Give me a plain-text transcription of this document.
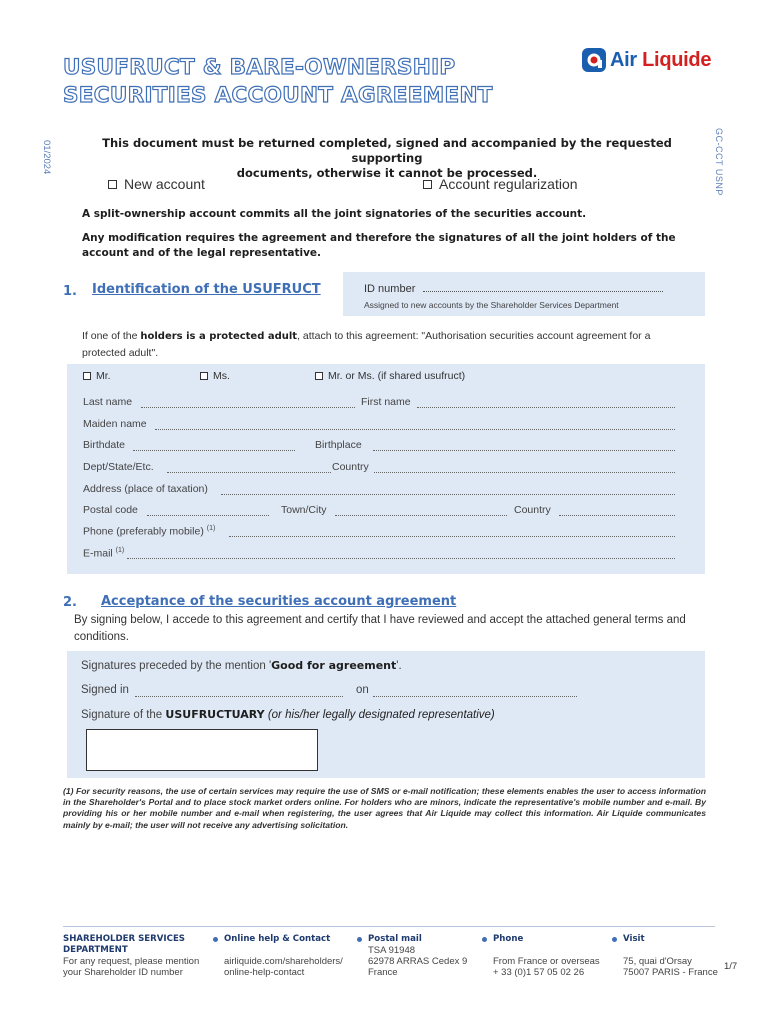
USUFRUCT & BARE-OWNERSHIP
SECURITIES ACCOUNT AGREEMENT
Air Liquide
01/2024	GC-CCT USNP
This document must be returned completed, signed and accompanied by the requested supporting
documents, otherwise it cannot be processed.
New account	Account regularization
A split-ownership account commits all the joint signatories of the securities account.
Any modification requires the agreement and therefore the signatures of all the joint holders of the account and of the legal representative.
1. Identification of the USUFRUCT	ID number
Assigned to new accounts by the Shareholder Services Department
If one of the holders is a protected adult, attach to this agreement: "Authorisation securities account agreement for a protected adult".
Mr.	Ms.	Mr. or Ms. (if shared usufruct)
Last name	First name
Maiden name
Birthdate	Birthplace
Dept/State/Etc.	Country
Address (place of taxation)
Postal code	Town/City	Country
Phone (preferably mobile) $^{(1)}$
E-mail $^{(1)}$
2. Acceptance of the securities account agreement
By signing below, I accede to this agreement and certify that I have reviewed and accept the attached general terms and conditions.
Signatures preceded by the mention 'Good for agreement'.
Signed in	on
Signature of the USUFRUCTUARY (or his/her legally designated representative)
(1) For security reasons, the use of certain services may require the use of SMS or e-mail notification; these elements enables the user to access information in the Shareholder's Portal and to place stock market orders online. For holders who are minors, indicate the representative's mobile number and e-mail. By providing his or her mobile number and e-mail when registering, the user agrees that Air Liquide may collect this information. Air Liquide communicates mainly by e-mail; the user will not receive any advertising solicitation.
SHAREHOLDER SERVICES
DEPARTMENT
For any request, please mention
your Shareholder ID number
Online help & Contact
airliquide.com/shareholders/
online-help-contact
Postal mail
TSA 91948
62978 ARRAS Cedex 9
France
Phone
From France or overseas
+ 33 (0)1 57 05 02 26
Visit
75, quai d'Orsay
75007 PARIS - France
1/7
